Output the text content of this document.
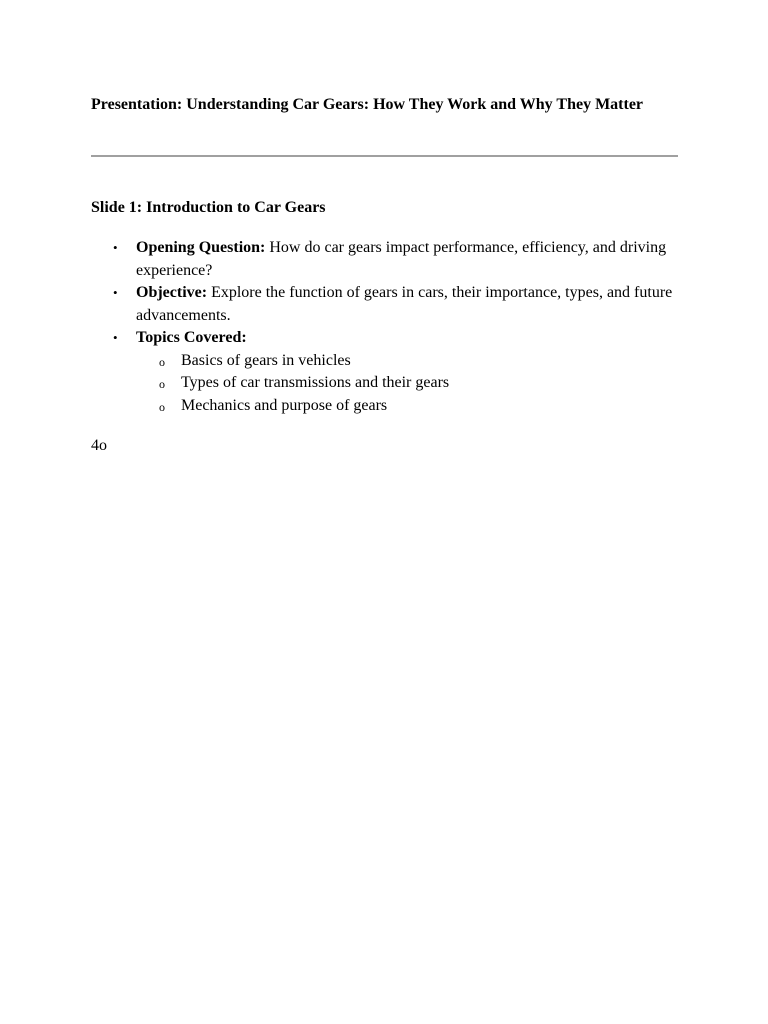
Presentation: Understanding Car Gears: How They Work and Why They Matter
Slide 1: Introduction to Car Gears
• Opening Question: How do car gears impact performance, efficiency, and driving experience?
• Objective: Explore the function of gears in cars, their importance, types, and future advancements.
• Topics Covered:
o Basics of gears in vehicles
o Types of car transmissions and their gears
o Mechanics and purpose of gears

4o
